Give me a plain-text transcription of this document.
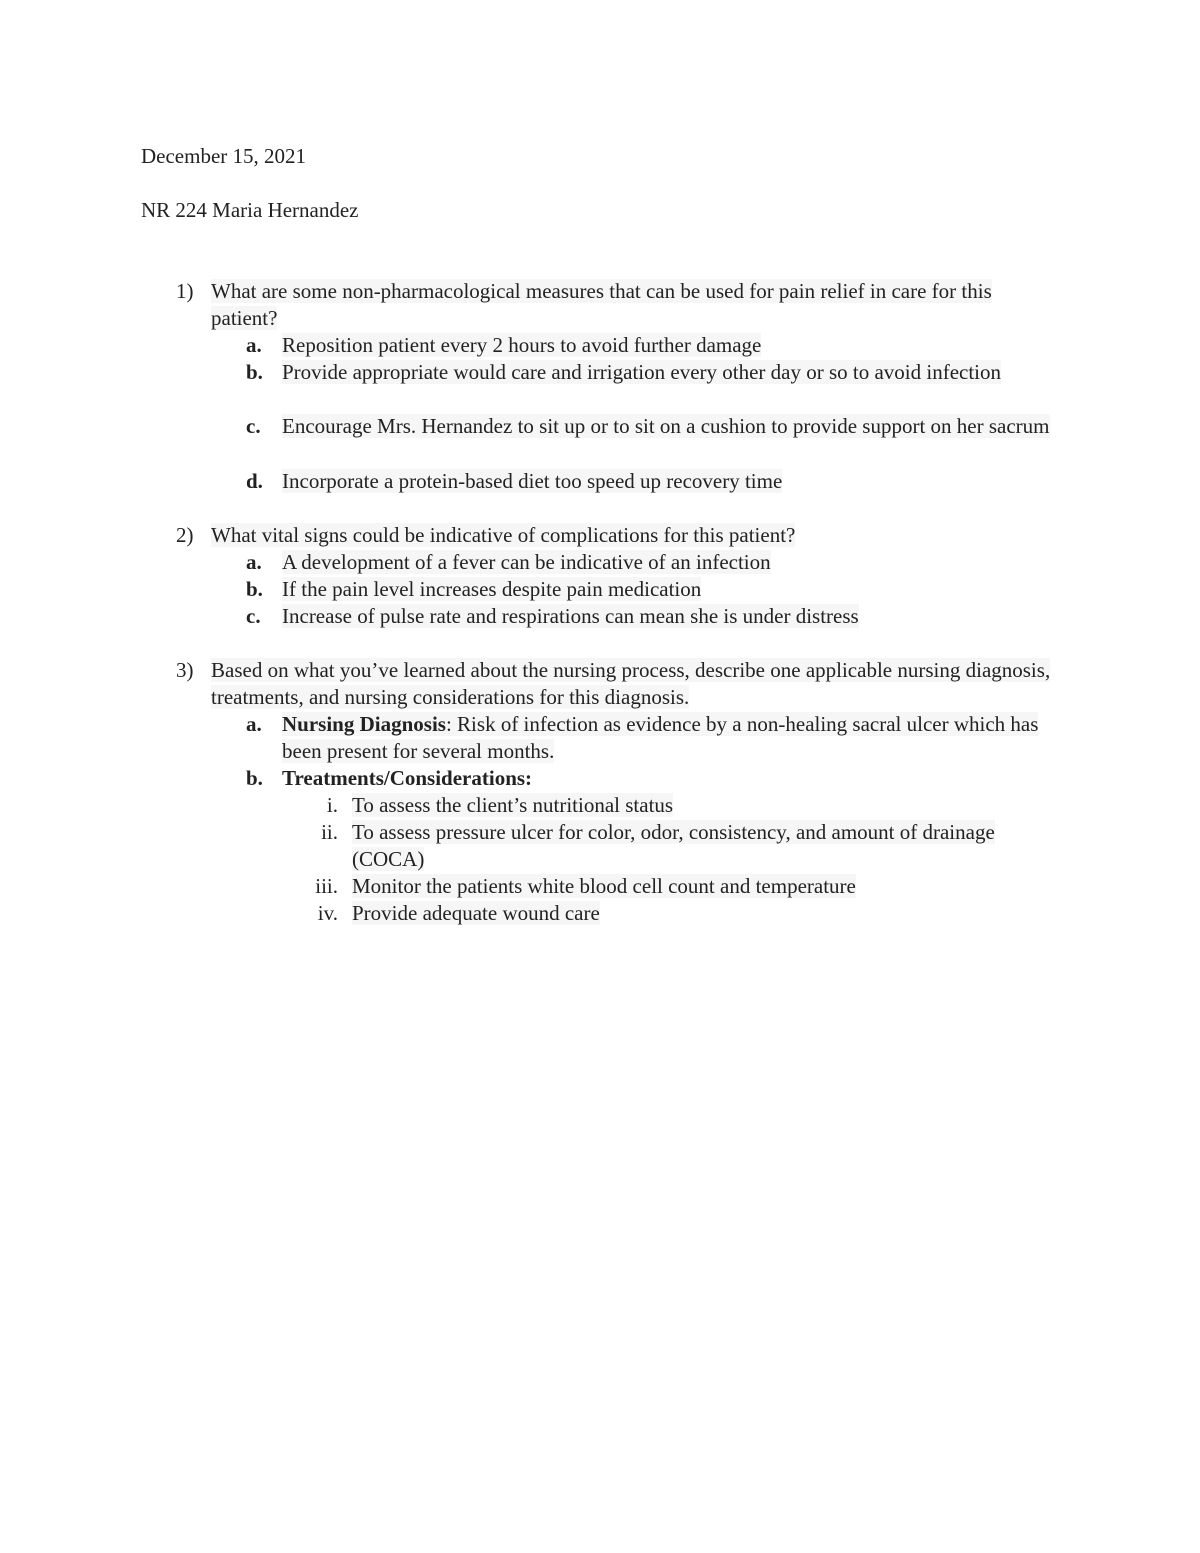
December 15, 2021
NR 224 Maria Hernandez
1) What are some non-pharmacological measures that can be used for pain relief in care for this patient?
a. Reposition patient every 2 hours to avoid further damage
b. Provide appropriate would care and irrigation every other day or so to avoid infection
c. Encourage Mrs. Hernandez to sit up or to sit on a cushion to provide support on her sacrum
d. Incorporate a protein-based diet too speed up recovery time
2) What vital signs could be indicative of complications for this patient?
a. A development of a fever can be indicative of an infection
b. If the pain level increases despite pain medication
c. Increase of pulse rate and respirations can mean she is under distress
3) Based on what you’ve learned about the nursing process, describe one applicable nursing diagnosis, treatments, and nursing considerations for this diagnosis.
a. Nursing Diagnosis: Risk of infection as evidence by a non-healing sacral ulcer which has been present for several months.
b. Treatments/Considerations:
i. To assess the client’s nutritional status
ii. To assess pressure ulcer for color, odor, consistency, and amount of drainage (COCA)
iii. Monitor the patients white blood cell count and temperature
iv. Provide adequate wound care
